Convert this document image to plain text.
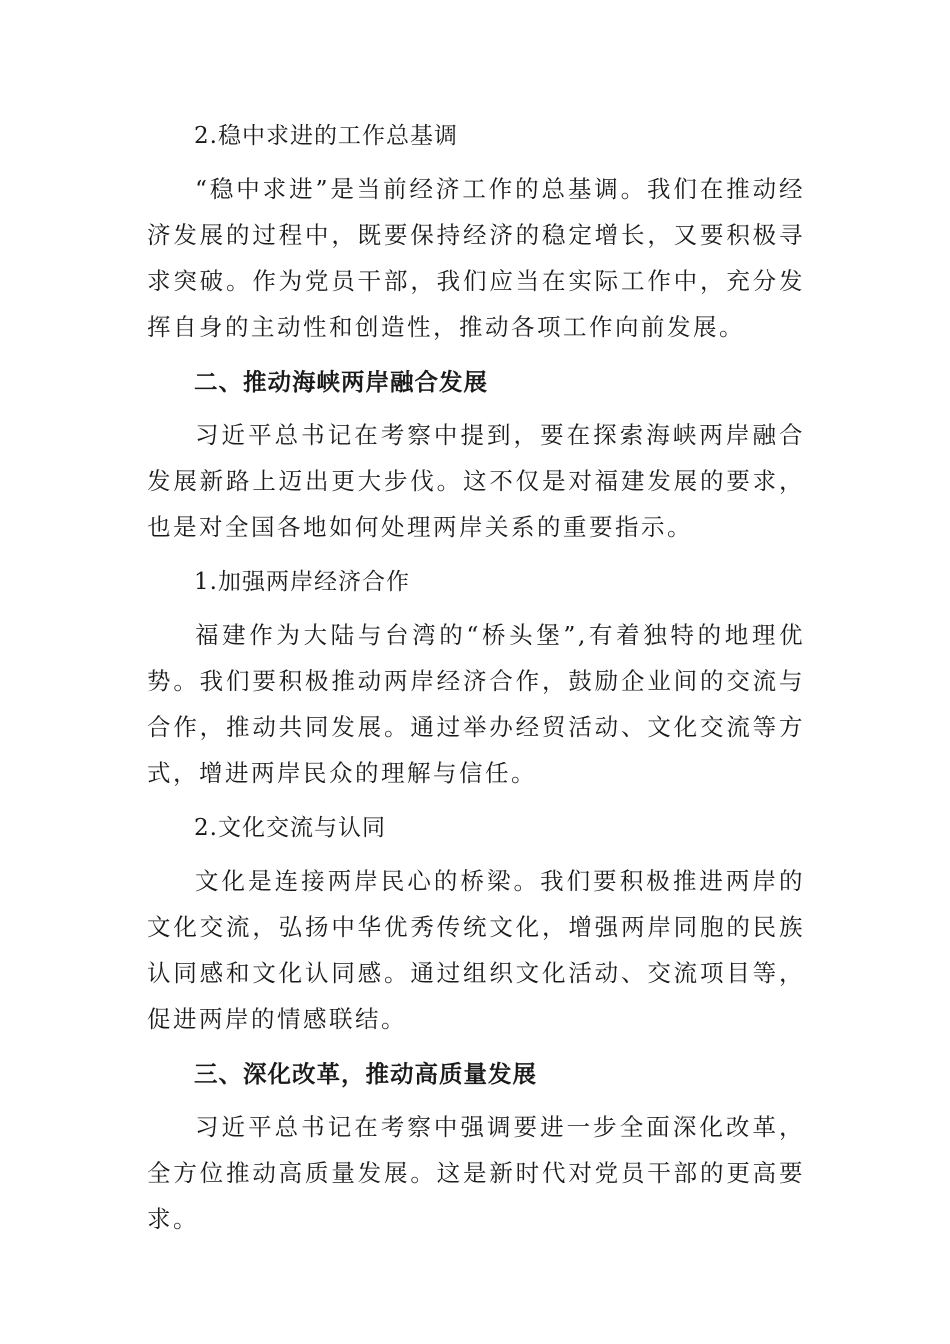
2.稳中求进的工作总基调

“稳中求进”是当前经济工作的总基调。我们在推动经济发展的过程中，既要保持经济的稳定增长，又要积极寻求突破。作为党员干部，我们应当在实际工作中，充分发挥自身的主动性和创造性，推动各项工作向前发展。

二、推动海峡两岸融合发展

习近平总书记在考察中提到，要在探索海峡两岸融合发展新路上迈出更大步伐。这不仅是对福建发展的要求，也是对全国各地如何处理两岸关系的重要指示。

1.加强两岸经济合作

福建作为大陆与台湾的“桥头堡”,有着独特的地理优势。我们要积极推动两岸经济合作，鼓励企业间的交流与合作，推动共同发展。通过举办经贸活动、文化交流等方式，增进两岸民众的理解与信任。

2.文化交流与认同

文化是连接两岸民心的桥梁。我们要积极推进两岸的文化交流，弘扬中华优秀传统文化，增强两岸同胞的民族认同感和文化认同感。通过组织文化活动、交流项目等，促进两岸的情感联结。

三、深化改革，推动高质量发展

习近平总书记在考察中强调要进一步全面深化改革，全方位推动高质量发展。这是新时代对党员干部的更高要求。
